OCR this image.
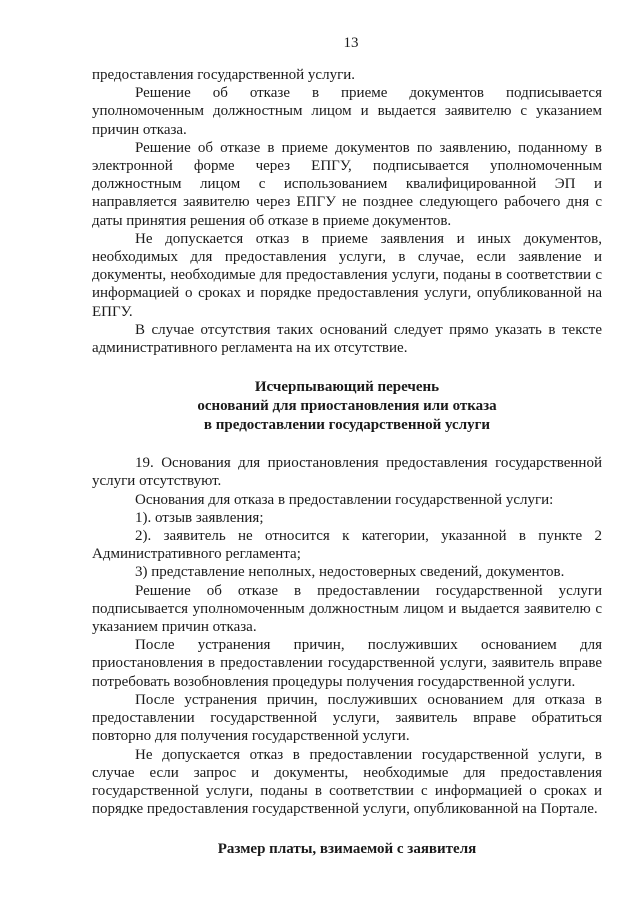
13

предоставления государственной услуги.

Решение об отказе в приеме документов подписывается уполномоченным должностным лицом и выдается заявителю с указанием причин отказа.

Решение об отказе в приеме документов по заявлению, поданному в электронной форме через ЕПГУ, подписывается уполномоченным должностным лицом с использованием квалифицированной ЭП и направляется заявителю через ЕПГУ не позднее следующего рабочего дня с даты принятия решения об отказе в приеме документов.

Не допускается отказ в приеме заявления и иных документов, необходимых для предоставления услуги, в случае, если заявление и документы, необходимые для предоставления услуги, поданы в соответствии с информацией о сроках и порядке предоставления услуги, опубликованной на ЕПГУ.

В случае отсутствия таких оснований следует прямо указать в тексте административного регламента на их отсутствие.

Исчерпывающий перечень

оснований для приостановления или отказа

в предоставлении государственной услуги

19. Основания для приостановления предоставления государственной услуги отсутствуют.

Основания для отказа в предоставлении государственной услуги:

1). отзыв заявления;

2). заявитель не относится к категории, указанной в пункте 2 Административного регламента;

3) представление неполных, недостоверных сведений, документов.

Решение об отказе в предоставлении государственной услуги подписывается уполномоченным должностным лицом и выдается заявителю с указанием причин отказа.

После устранения причин, послуживших основанием для приостановления в предоставлении государственной услуги, заявитель вправе потребовать возобновления процедуры получения государственной услуги.

После устранения причин, послуживших основанием для отказа в предоставлении государственной услуги, заявитель вправе обратиться повторно для получения государственной услуги.

Не допускается отказ в предоставлении государственной услуги, в случае если запрос и документы, необходимые для предоставления государственной услуги, поданы в соответствии с информацией о сроках и порядке предоставления государственной услуги, опубликованной на Портале.

Размер платы, взимаемой с заявителя
